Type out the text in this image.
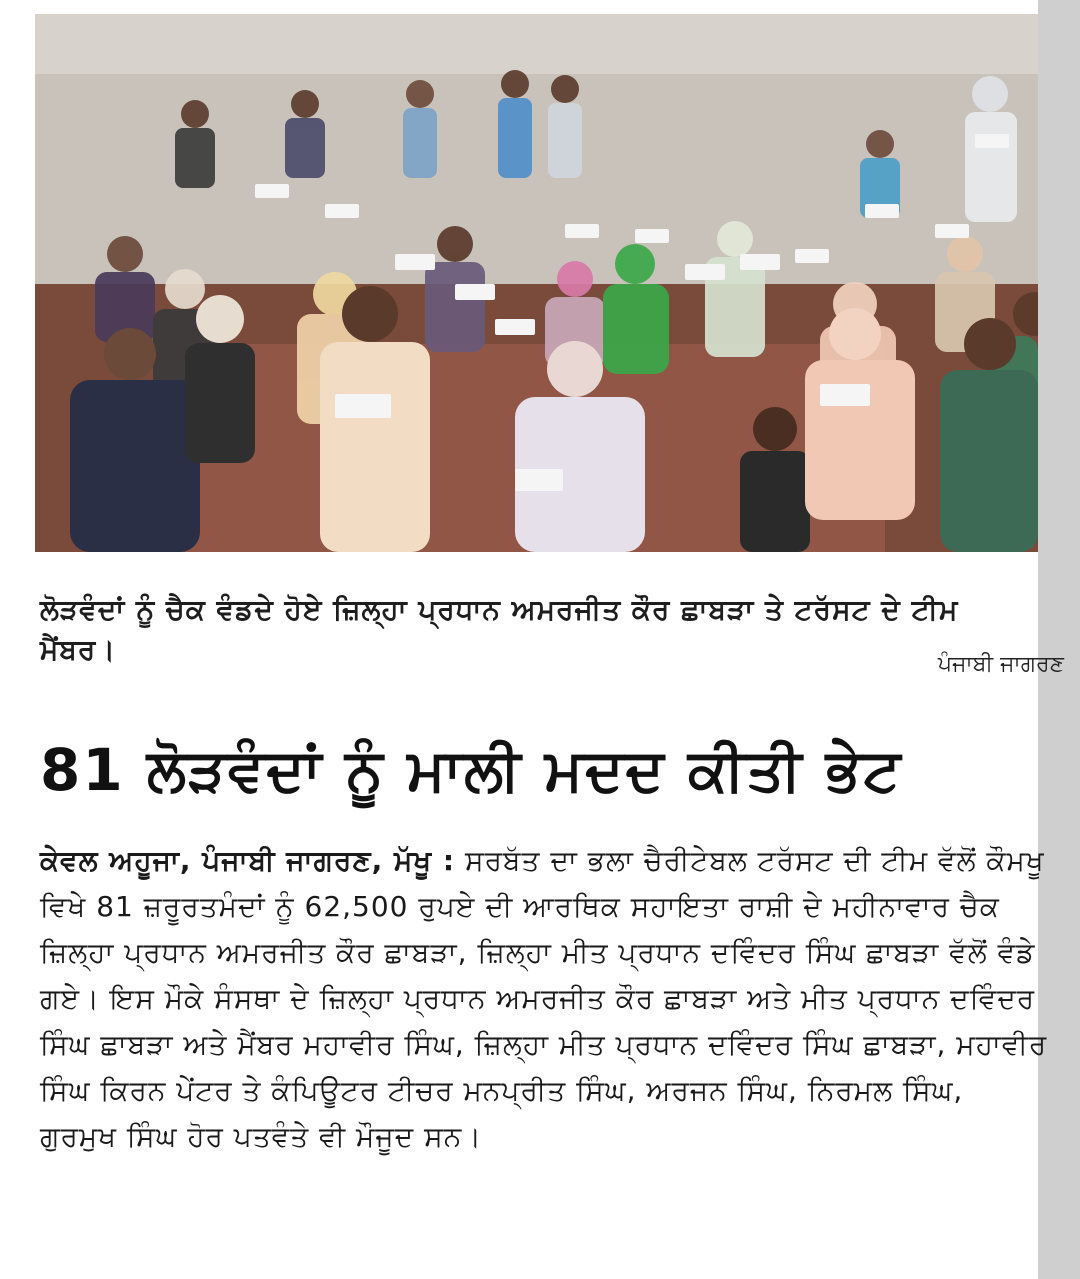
ਲੋੜਵੰਦਾਂ ਨੂੰ ਚੈਕ ਵੰਡਦੇ ਹੋਏ ਜ਼ਿਲ੍ਹਾ ਪ੍ਰਧਾਨ ਅਮਰਜੀਤ ਕੌਰ ਛਾਬੜਾ ਤੇ ਟਰੱਸਟ ਦੇ ਟੀਮ ਮੈਂਬਰ।	ਪੰਜਾਬੀ ਜਾਗਰਣ
81 ਲੋੜਵੰਦਾਂ ਨੂੰ ਮਾਲੀ ਮਦਦ ਕੀਤੀ ਭੇਟ
ਕੇਵਲ ਅਹੂਜਾ, ਪੰਜਾਬੀ ਜਾਗਰਣ, ਮੱਖੂ : ਸਰਬੱਤ ਦਾ ਭਲਾ ਚੈਰੀਟੇਬਲ ਟਰੱਸਟ ਦੀ ਟੀਮ ਵੱਲੋਂ ਕੌਮਖੂ ਵਿਖੇ 81 ਜ਼ਰੂਰਤਮੰਦਾਂ ਨੂੰ 62,500 ਰੁਪਏ ਦੀ ਆਰਥਿਕ ਸਹਾਇਤਾ ਰਾਸ਼ੀ ਦੇ ਮਹੀਨਾਵਾਰ ਚੈਕ ਜ਼ਿਲ੍ਹਾ ਪ੍ਰਧਾਨ ਅਮਰਜੀਤ ਕੌਰ ਛਾਬੜਾ, ਜ਼ਿਲ੍ਹਾ ਮੀਤ ਪ੍ਰਧਾਨ ਦਵਿੰਦਰ ਸਿੰਘ ਛਾਬੜਾ ਵੱਲੋਂ ਵੰਡੇ ਗਏ। ਇਸ ਮੌਕੇ ਸੰਸਥਾ ਦੇ ਜ਼ਿਲ੍ਹਾ ਪ੍ਰਧਾਨ ਅਮਰਜੀਤ ਕੌਰ ਛਾਬੜਾ ਅਤੇ ਮੀਤ ਪ੍ਰਧਾਨ ਦਵਿੰਦਰ ਸਿੰਘ ਛਾਬੜਾ ਅਤੇ ਮੈਂਬਰ ਮਹਾਵੀਰ ਸਿੰਘ, ਜ਼ਿਲ੍ਹਾ ਮੀਤ ਪ੍ਰਧਾਨ ਦਵਿੰਦਰ ਸਿੰਘ ਛਾਬੜਾ, ਮਹਾਵੀਰ ਸਿੰਘ ਕਿਰਨ ਪੇਂਟਰ ਤੇ ਕੰਪਿਊਟਰ ਟੀਚਰ ਮਨਪ੍ਰੀਤ ਸਿੰਘ, ਅਰਜਨ ਸਿੰਘ, ਨਿਰਮਲ ਸਿੰਘ, ਗੁਰਮੁਖ ਸਿੰਘ ਹੋਰ ਪਤਵੰਤੇ ਵੀ ਮੌਜੂਦ ਸਨ।
